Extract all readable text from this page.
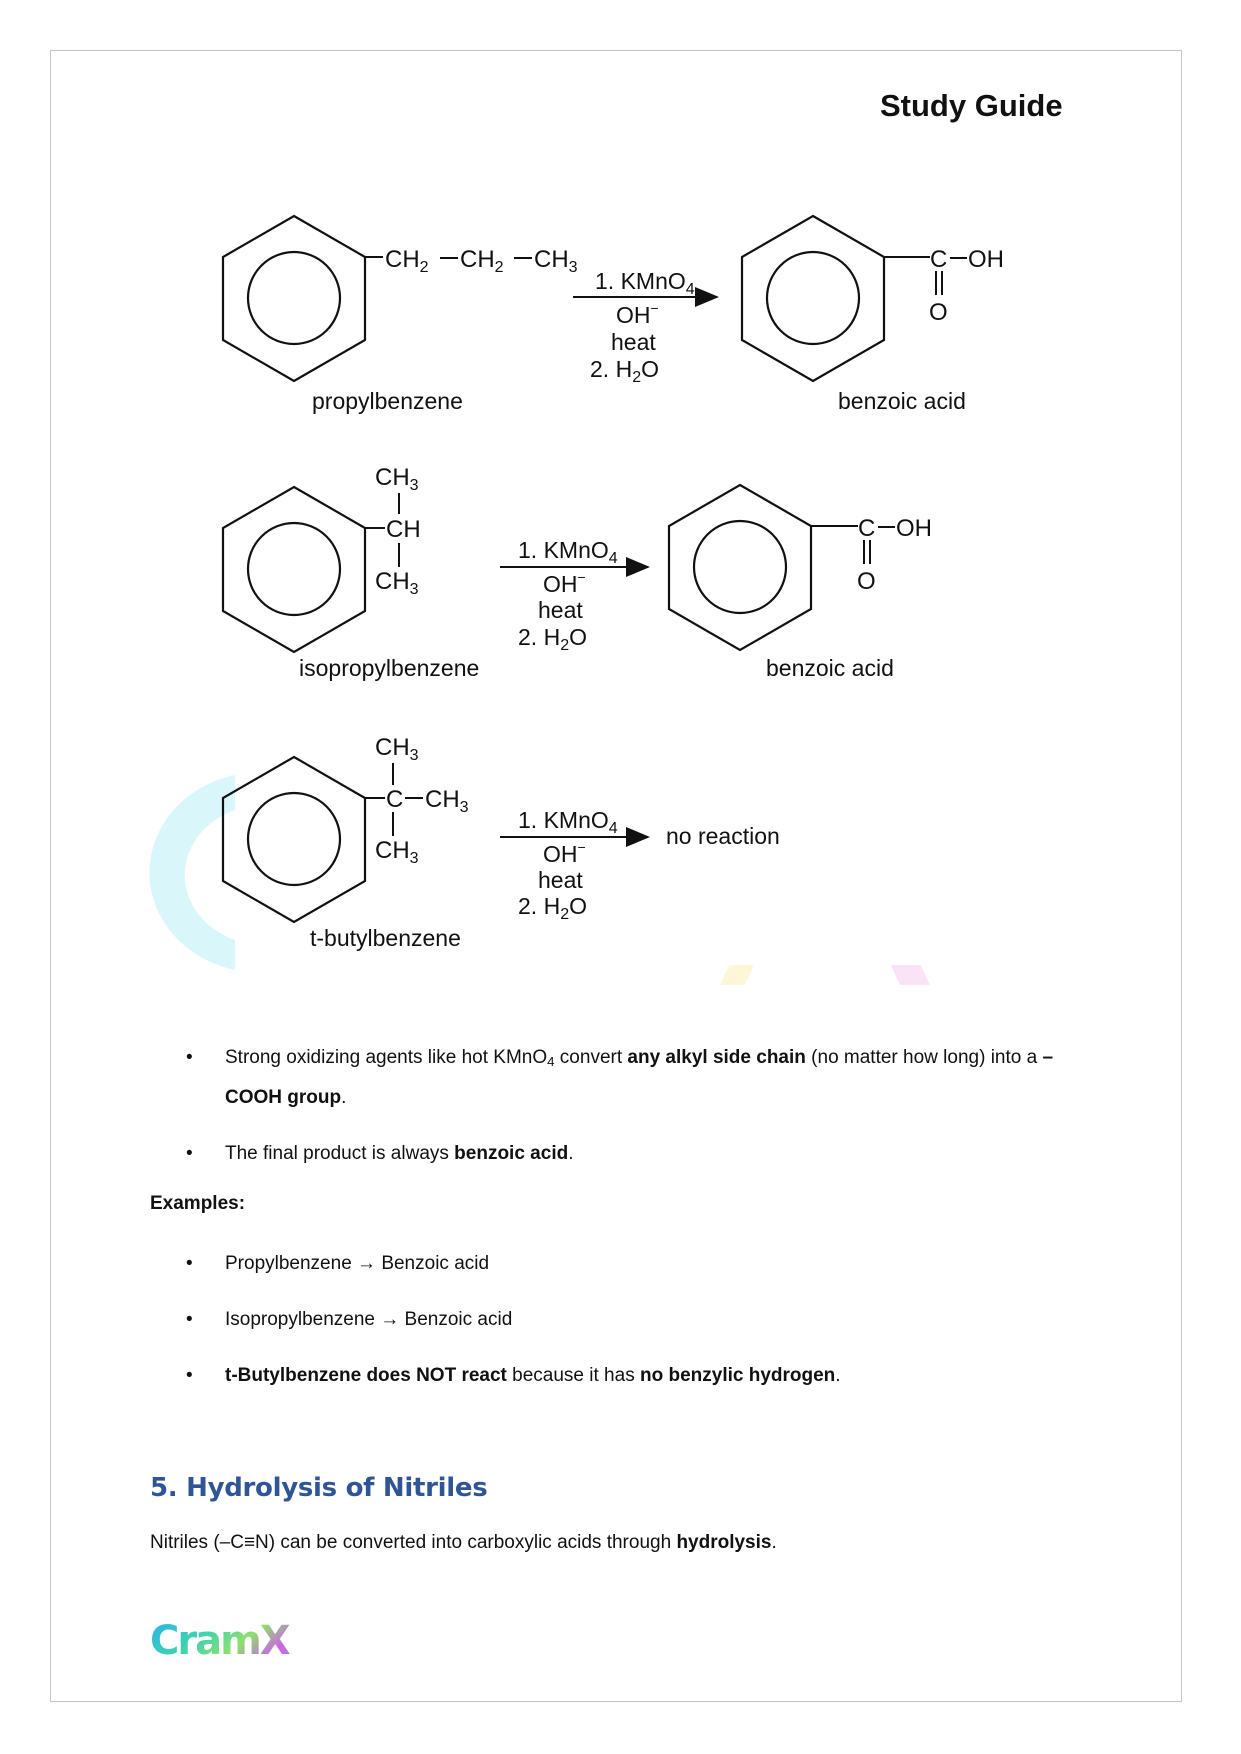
Study Guide
$CH_2$ $CH_2$ $CH_3$
propylbenzene
1. KMnO$_4$
OH−
heat
2. $H_2O$
C OH
O
benzoic acid
$CH_3$
CH
$CH_3$
isopropylbenzene
1. KMnO$_4$
OH−
heat
2. $H_2O$
C OH
O
benzoic acid
$CH_3$
C $CH_3$
$CH_3$
t-butylbenzene
1. KMnO$_4$
OH−
heat
2. $H_2O$
no reaction
• Strong oxidizing agents like hot KMnO$_4$ convert any alkyl side chain (no matter how long) into a –COOH group.
• The final product is always benzoic acid.
Examples:
• Propylbenzene → Benzoic acid
• Isopropylbenzene → Benzoic acid
• t-Butylbenzene does NOT react because it has no benzylic hydrogen.
5. Hydrolysis of Nitriles
Nitriles (–C≡N) can be converted into carboxylic acids through hydrolysis.
CramX
